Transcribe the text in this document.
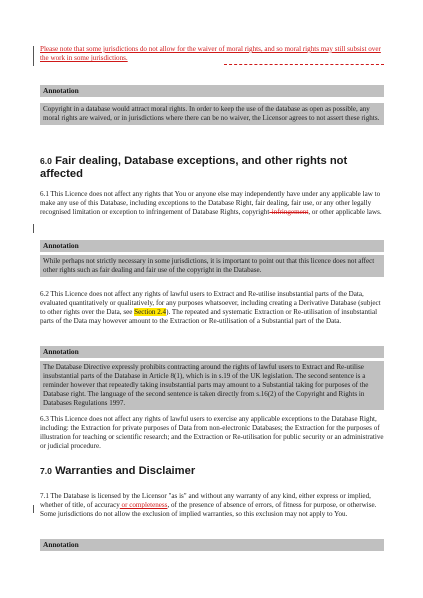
Please note that some jurisdictions do not allow for the waiver of moral rights, and so moral rights may still subsist over the work in some jurisdictions.

Annotation

Copyright in a database would attract moral rights. In order to keep the use of the database as open as possible, any moral rights are waived, or in jurisdictions where there can be no waiver, the Licensor agrees to not assert these rights.

6.0 Fair dealing, Database exceptions, and other rights not affected

6.1 This Licence does not affect any rights that You or anyone else may independently have under any applicable law to make any use of this Database, including exceptions to the Database Right, fair dealing, fair use, or any other legally recognised limitation or exception to infringement of Database Rights, copyright-infringement, or other applicable laws.

Annotation

While perhaps not strictly necessary in some jurisdictions, it is important to point out that this licence does not affect other rights such as fair dealing and fair use of the copyright in the Database.

6.2 This Licence does not affect any rights of lawful users to Extract and Re-utilise insubstantial parts of the Data, evaluated quantitatively or qualitatively, for any purposes whatsoever, including creating a Derivative Database (subject to other rights over the Data, see Section 2.4). The repeated and systematic Extraction or Re-utilisation of insubstantial parts of the Data may however amount to the Extraction or Re-utilisation of a Substantial part of the Data.

Annotation

The Database Directive expressly prohibits contracting around the rights of lawful users to Extract and Re-utilise insubstantial parts of the Database in Article 8(1), which is in s.19 of the UK legislation. The second sentence is a reminder however that repeatedly taking insubstantial parts may amount to a Substantial taking for purposes of the Database right. The language of the second sentence is taken directly from s.16(2) of the Copyright and Rights in Databases Regulations 1997.

6.3 This Licence does not affect any rights of lawful users to exercise any applicable exceptions to the Database Right, including: the Extraction for private purposes of Data from non-electronic Databases; the Extraction for the purposes of illustration for teaching or scientific research; and the Extraction or Re-utilisation for public security or an administrative or judicial procedure.

7.0 Warranties and Disclaimer

7.1 The Database is licensed by the Licensor "as is" and without any warranty of any kind, either express or implied, whether of title, of accuracy or completeness, of the presence of absence of errors, of fitness for purpose, or otherwise. Some jurisdictions do not allow the exclusion of implied warranties, so this exclusion may not apply to You.

Annotation
